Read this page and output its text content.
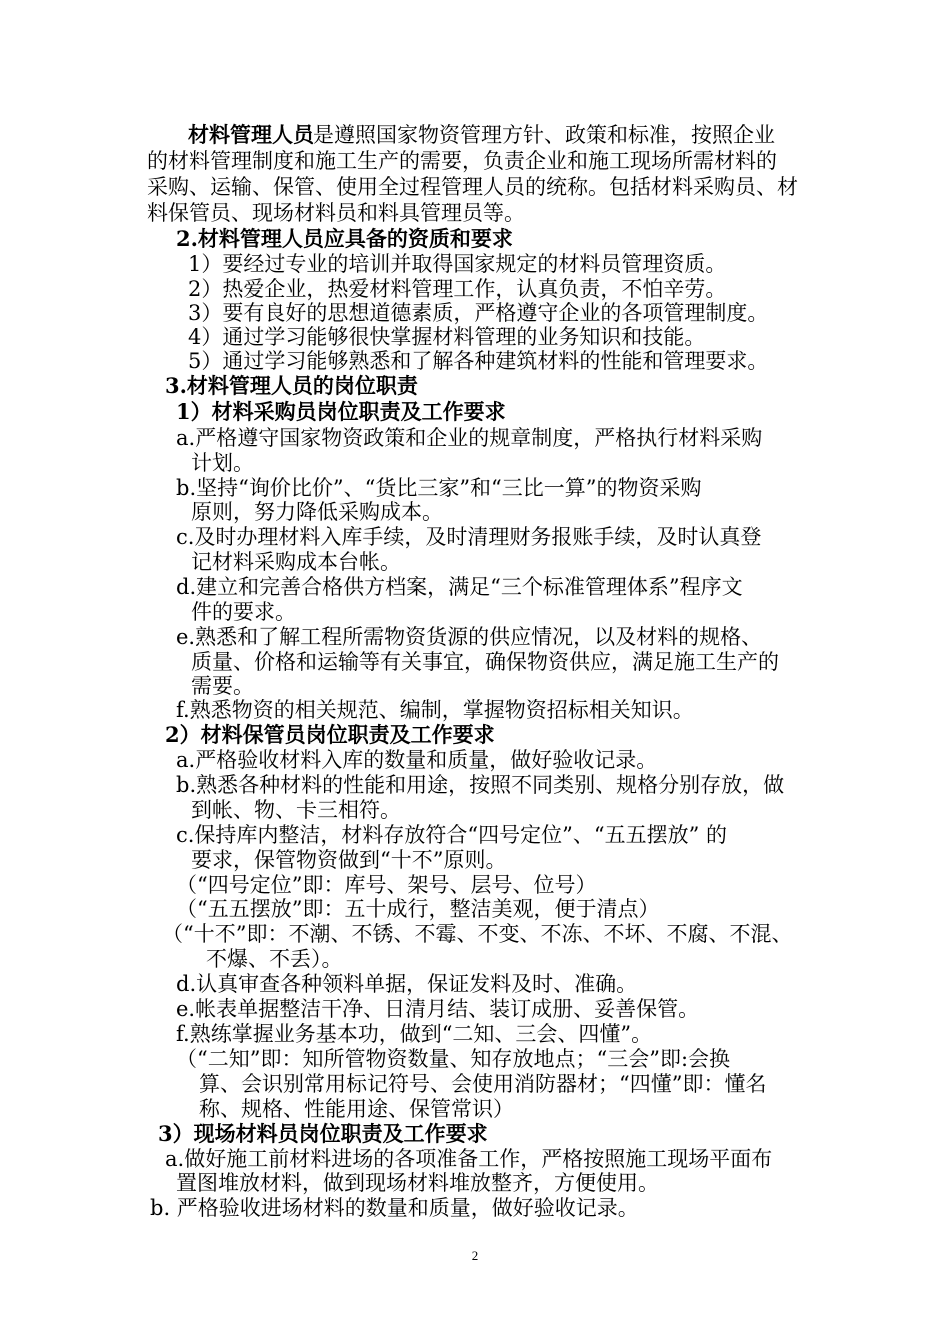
材料管理人员 是遵照国家物资管理方针、政策和标准，按照企业
的材料管理制度和施工生产的需要，负责企业和施工现场所需材料的
采购、运输、保管、使用全过程管理人员的统称。包括材料采购员、材
料保管员、现场材料员和料具管理员等。
2.材料管理人员应具备的资质和要求
1）要经过专业的培训并取得国家规定的材料员管理资质。
2）热爱企业，热爱材料管理工作，认真负责，不怕辛劳。
3）要有良好的思想道德素质，严格遵守企业的各项管理制度。
4）通过学习能够很快掌握材料管理的业务知识和技能。
5）通过学习能够熟悉和了解各种建筑材料的性能和管理要求。
3.材料管理人员的岗位职责
1）材料采购员岗位职责及工作要求
a.严格遵守国家物资政策和企业的规章制度，严格执行材料采购
计划。
b.坚持“询价比价”、“货比三家”和“三比一算”的物资采购
原则，努力降低采购成本。
c.及时办理材料入库手续，及时清理财务报账手续，及时认真登
记材料采购成本台帐。
d.建立和完善合格供方档案，满足“三个标准管理体系”程序文
件的要求。
e.熟悉和了解工程所需物资货源的供应情况，以及材料的规格、
质量、价格和运输等有关事宜，确保物资供应，满足施工生产的
需要。
f.熟悉物资的相关规范、编制，掌握物资招标相关知识。
2）材料保管员岗位职责及工作要求
a.严格验收材料入库的数量和质量，做好验收记录。
b.熟悉各种材料的性能和用途，按照不同类别、规格分别存放，做
到帐、物、卡三相符。
c.保持库内整洁，材料存放符合“四号定位”、“五五摆放” 的
要求，保管物资做到“十不”原则。
（“四号定位”即：库号、架号、层号、位号）
（“五五摆放”即：五十成行，整洁美观，便于清点）
（“十不”即：不潮、不锈、不霉、不变、不冻、不坏、不腐、不混、
不爆、不丢）。
d.认真审查各种领料单据，保证发料及时、准确。
e.帐表单据整洁干净、日清月结、装订成册、妥善保管。
f.熟练掌握业务基本功，做到“二知、三会、四懂”。
（“二知”即：知所管物资数量、知存放地点；“三会”即:会换
算、会识别常用标记符号、会使用消防器材；“四懂”即：懂名
称、规格、性能用途、保管常识）
3）现场材料员岗位职责及工作要求
a.做好施工前材料进场的各项准备工作，严格按照施工现场平面布
置图堆放材料，做到现场材料堆放整齐，方便使用。
b. 严格验收进场材料的数量和质量，做好验收记录。
2
